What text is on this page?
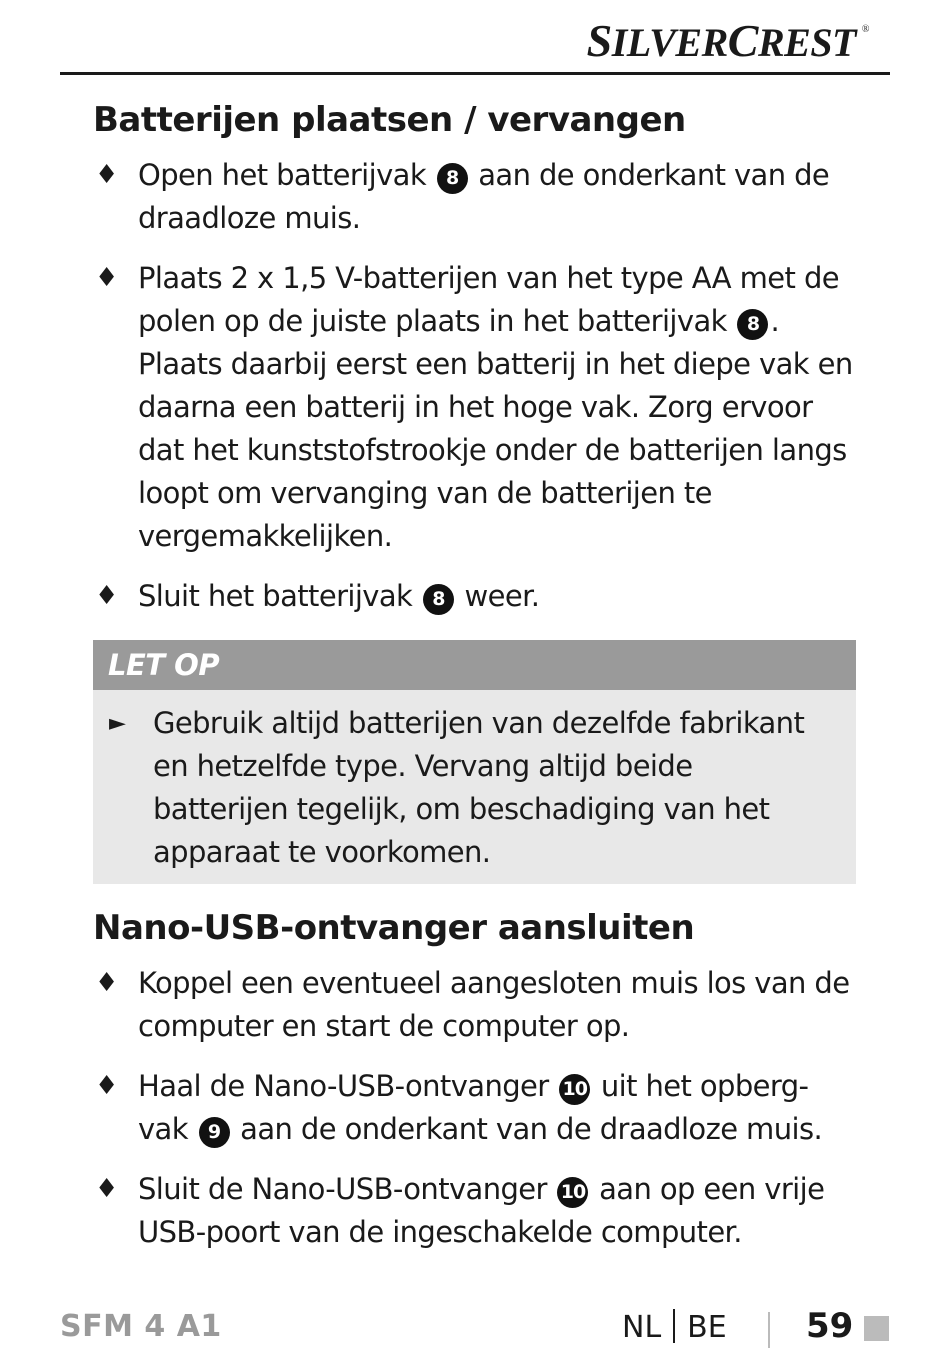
SILVERCREST ®
Batterijen plaatsen / vervangen
♦ Open het batterijvak 8 aan de onderkant van de draadloze muis.
♦ Plaats 2 x 1,5 V-batterijen van het type AA met de polen op de juiste plaats in het batterijvak 8 . Plaats daarbij eerst een batterij in het diepe vak en daarna een batterij in het hoge vak. Zorg ervoor dat het kunststofstrookje onder de batterijen langs loopt om vervanging van de batterijen te vergemakkelijken.
♦ Sluit het batterijvak 8 weer.
LET OP
► Gebruik altijd batterijen van dezelfde fabrikant en hetzelfde type. Vervang altijd beide batterijen tegelijk, om beschadiging van het apparaat te voorkomen.
Nano-USB-ontvanger aansluiten
♦ Koppel een eventueel aangesloten muis los van de computer en start de computer op.
♦ Haal de Nano-USB-ontvanger 10 uit het opberg-vak 9 aan de onderkant van de draadloze muis.
♦ Sluit de Nano-USB-ontvanger 10 aan op een vrije USB-poort van de ingeschakelde computer.
SFM 4 A1	NL BE 59
